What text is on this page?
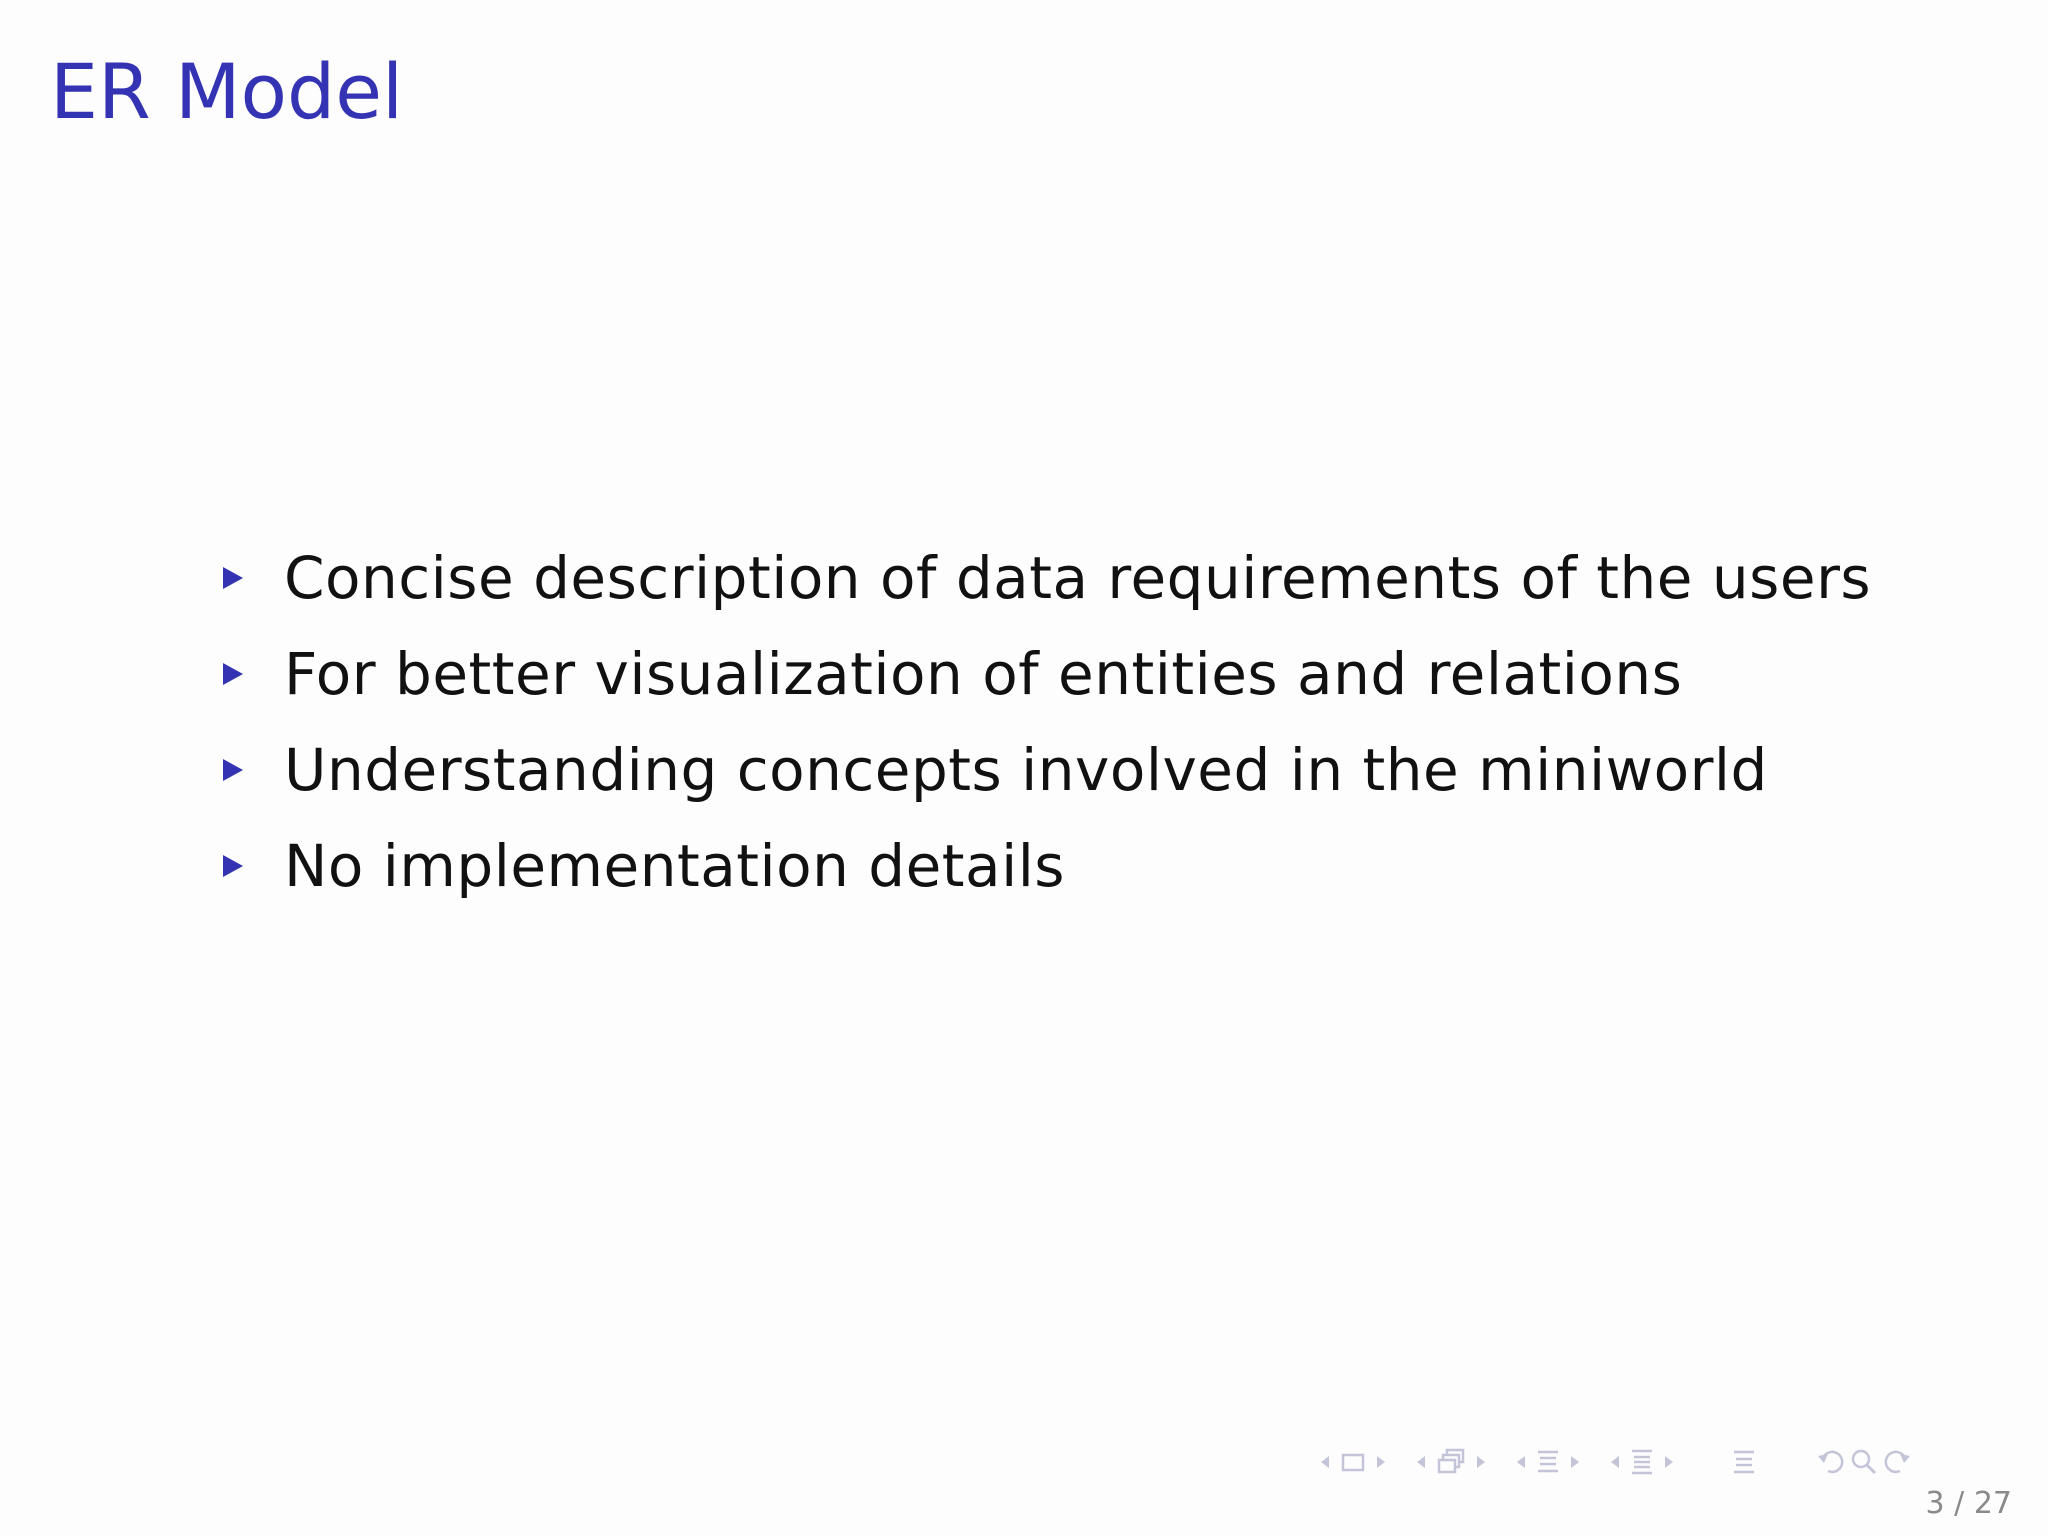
ER Model
Concise description of data requirements of the users
For better visualization of entities and relations
Understanding concepts involved in the miniworld
No implementation details
3 / 27
